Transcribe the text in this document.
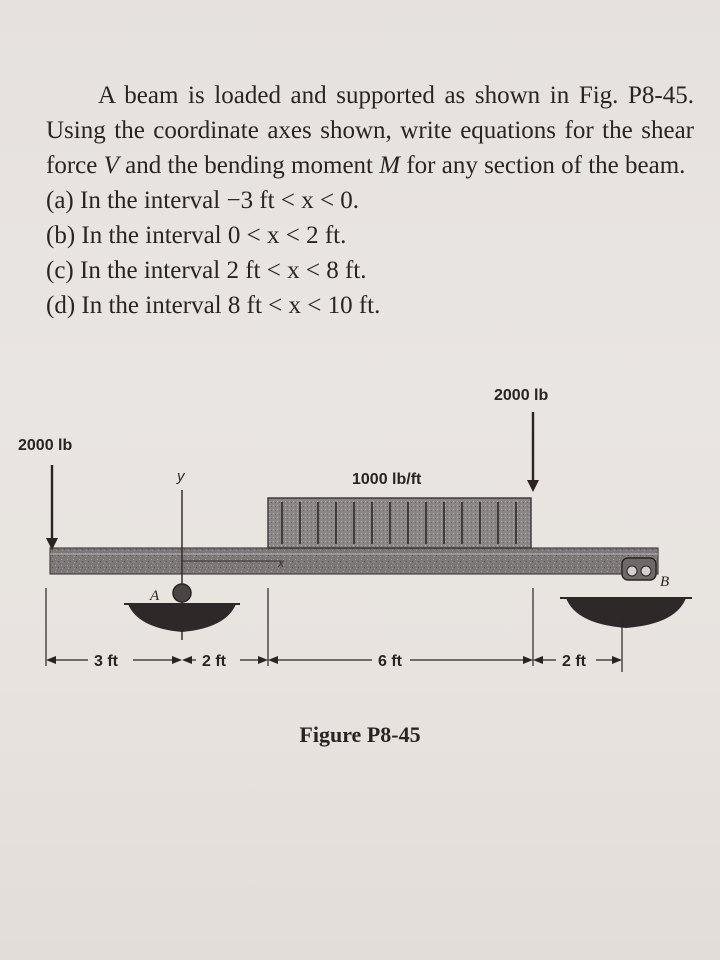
A beam is loaded and supported as shown in Fig. P8-45. Using the coordinate axes shown, write equations for the shear force V and the bending moment M for any section of the beam.

(a) In the interval −3 ft < x < 0.

(b) In the interval 0 < x < 2 ft.

(c) In the interval 2 ft < x < 8 ft.

(d) In the interval 8 ft < x < 10 ft.

x
2000 lb
y	1000 lb/ft
2000 lb
A
B
3 ft	2 ft	6 ft	2 ft
Figure P8-45
